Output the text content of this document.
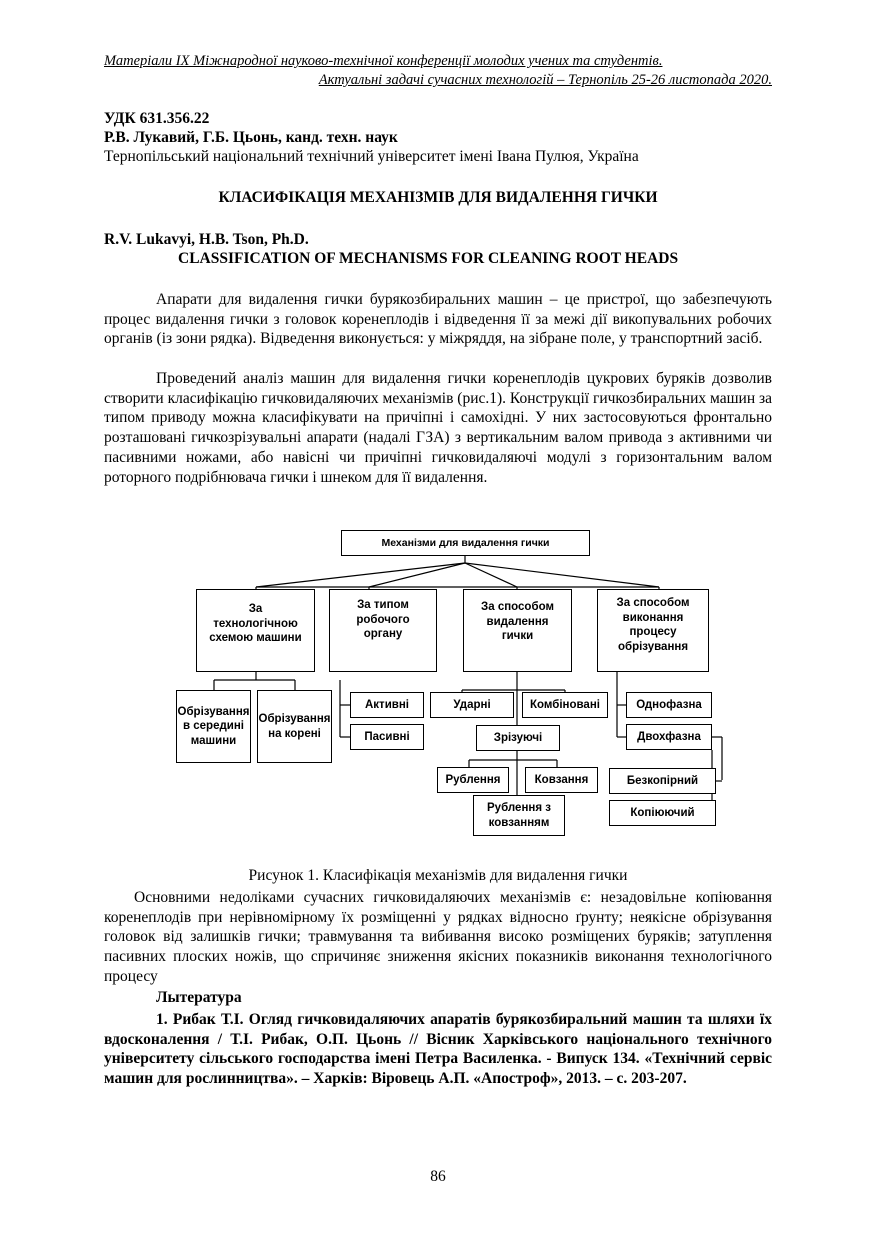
Матеріали IX Міжнародної науково-технічної конференції молодих учених та студентів.
Актуальні задачі сучасних технологій – Тернопіль 25-26 листопада 2020.
УДК 631.356.22
Р.В. Лукавий, Г.Б. Цьонь, канд. техн. наук
Тернопільський національний технічний університет імені Івана Пулюя, Україна
КЛАСИФІКАЦІЯ МЕХАНІЗМІВ ДЛЯ ВИДАЛЕННЯ ГИЧКИ
R.V. Lukavyi, H.B. Tson, Ph.D.
CLASSIFICATION OF MECHANISMS FOR CLEANING ROOT HEADS
Апарати для видалення гички бурякозбиральних машин – це пристрої, що забезпечують процес видалення гички з головок коренеплодів і відведення її за межі дії викопувальних робочих органів (із зони рядка). Відведення виконується: у міжряддя, на зібране поле, у транспортний засіб.
Проведений аналіз машин для видалення гички коренеплодів цукрових буряків дозволив створити класифікацію гичковидаляючих механізмів (рис.1). Конструкції гичкозбиральних машин за типом приводу можна класифікувати на причіпні і самохідні. У них застосовуються фронтально розташовані гичкозрізувальні апарати (надалі ГЗА) з вертикальним валом привода з активними чи пасивними ножами, або навісні чи причіпні гичковидаляючі модулі з горизонтальним валом роторного подрібнювача гички і шнеком для її видалення.
Механізми для видалення гички
За технологічною схемою машини
За типом робочого органу
За способом видалення гички
За способом виконання процесу обрізування
Обрізування в середині машини
Обрізування на корені
Активні
Пасивні
Ударні	Комбіновані
Зрізуючі
Рублення	Ковзання
Рублення з ковзанням
Однофазна
Двохфазна
Безкопірний
Копіюючий
Рисунок 1. Класифікація механізмів для видалення гички
Основними недоліками сучасних гичковидаляючих механізмів є: незадовільне копіювання коренеплодів при нерівномірному їх розміщенні у рядках відносно ґрунту; неякісне обрізування головок від залишків гички; травмування та вибивання високо розміщених буряків; затуплення пасивних плоских ножів, що спричиняє зниження якісних показників виконання технологічного процесу
Лытература
1. Рибак Т.І. Огляд гичковидаляючих апаратів бурякозбиральний машин та шляхи їх вдосконалення / Т.І. Рибак, О.П. Цьонь // Вісник Харківського національного технічного університету сільського господарства імені Петра Василенка. - Випуск 134. «Технічний сервіс машин для рослинництва». – Харків: Віровець А.П. «Апостроф», 2013. – с. 203-207.
86
